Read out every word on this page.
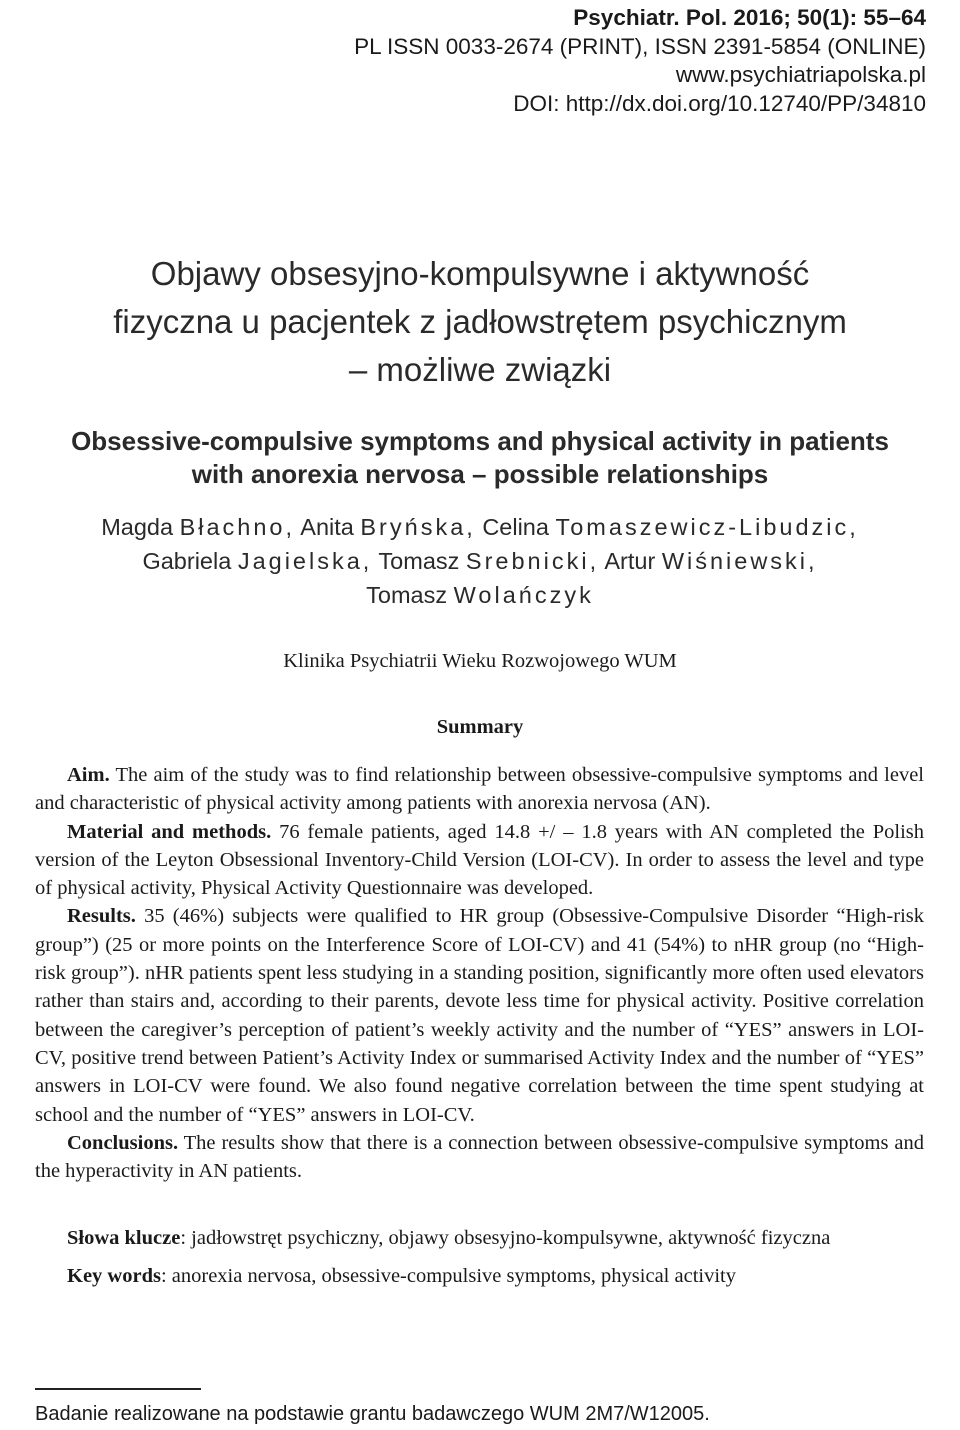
Psychiatr. Pol. 2016; 50(1): 55–64
PL ISSN 0033-2674 (PRINT), ISSN 2391-5854 (ONLINE)
www.psychiatriapolska.pl
DOI: http://dx.doi.org/10.12740/PP/34810
Objawy obsesyjno-kompulsywne i aktywność
fizyczna u pacjentek z jadłowstrętem psychicznym
– możliwe związki
Obsessive-compulsive symptoms and physical activity in patients
with anorexia nervosa – possible relationships
Magda Błachno, Anita Bryńska, Celina Tomaszewicz-Libudzic,
Gabriela Jagielska, Tomasz Srebnicki, Artur Wiśniewski,
Tomasz Wolańczyk
Klinika Psychiatrii Wieku Rozwojowego WUM
Summary

Aim. The aim of the study was to find relationship between obsessive-compulsive symptoms and level and characteristic of physical activity among patients with anorexia nervosa (AN).

Material and methods. 76 female patients, aged 14.8 +/ – 1.8 years with AN completed the Polish version of the Leyton Obsessional Inventory-Child Version (LOI-CV). In order to assess the level and type of physical activity, Physical Activity Questionnaire was developed.

Results. 35 (46%) subjects were qualified to HR group (Obsessive-Compulsive Disorder “High-risk group”) (25 or more points on the Interference Score of LOI-CV) and 41 (54%) to nHR group (no “High-risk group”). nHR patients spent less studying in a standing position, significantly more often used elevators rather than stairs and, according to their parents, devote less time for physical activity. Positive correlation between the caregiver’s perception of patient’s weekly activity and the number of “YES” answers in LOI-CV, positive trend between Patient’s Activity Index or summarised Activity Index and the number of “YES” answers in LOI-CV were found. We also found negative correlation between the time spent studying at school and the number of “YES” answers in LOI-CV.

Conclusions. The results show that there is a connection between obsessive-compulsive symptoms and the hyperactivity in AN patients.

Słowa klucze: jadłowstręt psychiczny, objawy obsesyjno-kompulsywne, aktywność fizyczna
Key words: anorexia nervosa, obsessive-compulsive symptoms, physical activity
Badanie realizowane na podstawie grantu badawczego WUM 2M7/W12005.
